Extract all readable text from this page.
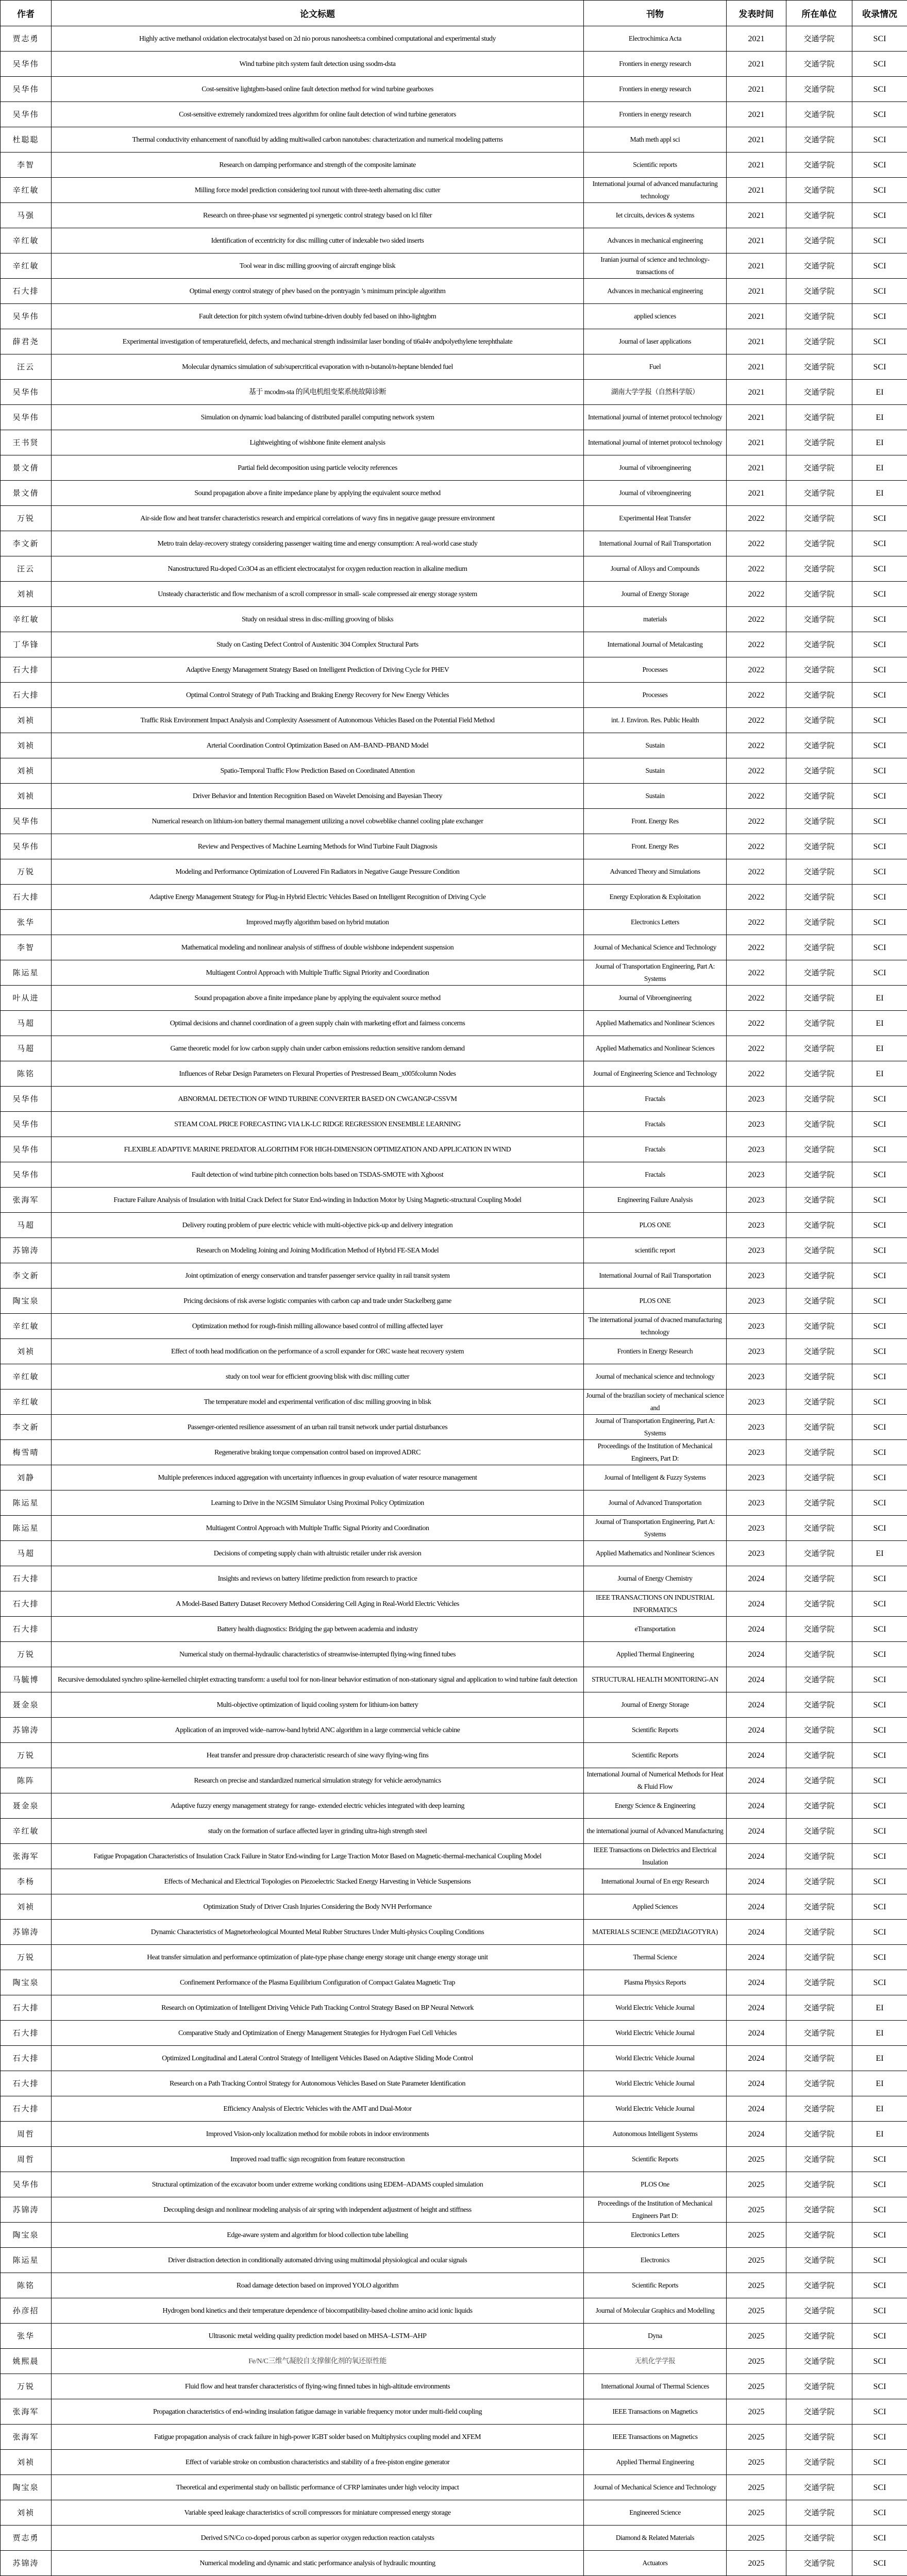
作者	论文标题	刊物	发表时间	所在单位	收录情况
贾志勇	Highly active methanol oxidation electrocatalyst based on 2d nio porous nanosheets:a combined computational and experimental study	Electrochimica Acta	2021	交通学院	SCI
吴华伟	Wind turbine pitch system fault detection using ssodm-dsta	Frontiers in energy research	2021	交通学院	SCI
吴华伟	Cost-sensitive lightgbm-based online fault detection method for wind turbine gearboxes	Frontiers in energy research	2021	交通学院	SCI
吴华伟	Cost-sensitive extremely randomized trees algorithm for online fault detection of wind turbine generators	Frontiers in energy research	2021	交通学院	SCI
杜聪聪	Thermal conductivity enhancement of nanofluid by adding multiwalled carbon nanotubes: characterization and numerical modeling patterns	Math meth appl sci	2021	交通学院	SCI
李智	Research on damping performance and strength of the composite laminate	Scientific reports	2021	交通学院	SCI
辛红敏	Milling force model prediction considering tool runout with three-teeth alternating disc cutter	International journal of advanced manufacturing technology	2021	交通学院	SCI
马强	Research on three-phase vsr segmented pi synergetic control strategy based on lcl filter	Iet circuits, devices & systems	2021	交通学院	SCI
辛红敏	Identification of eccentricity for disc milling cutter of indexable two sided inserts	Advances in mechanical engineering	2021	交通学院	SCI
辛红敏	Tool wear in disc milling grooving of aircraft enginge blisk	Iranian journal of science and technology-transactions of	2021	交通学院	SCI
石大排	Optimal energy control strategy of phev based on the pontryagin ’s minimum principle algorithm	Advances in mechanical engineering	2021	交通学院	SCI
吴华伟	Fault detection for pitch system ofwind turbine-driven doubly fed based on ihho-lightgbm	applied sciences	2021	交通学院	SCI
薛君尧	Experimental investigation of temperaturefield, defects, and mechanical strength indissimilar laser bonding of ti6al4v andpolyethylene terephthalate	Journal of laser applications	2021	交通学院	SCI
汪云	Molecular dynamics simulation of sub/supercritical evaporation with n-butanol/n-heptane blended fuel	Fuel	2021	交通学院	SCI
吴华伟	基于 mcodm-sta 的风电机组变桨系统故障诊断	湖南大学学报（自然科学版）	2021	交通学院	EI
吴华伟	Simulation on dynamic load balancing of distributed parallel computing network system	International journal of internet protocol technology	2021	交通学院	EI
王书贤	Lightweighting of wishbone finite element analysis	International journal of internet protocol technology	2021	交通学院	EI
景文倩	Partial field decomposition using particle velocity references	Journal of vibroengineering	2021	交通学院	EI
景文倩	Sound propagation above a finite impedance plane by applying the equivalent source method	Journal of vibroengineering	2021	交通学院	EI
万锐	Air-side flow and heat transfer characteristics research and empirical correlations of wavy fins in negative gauge pressure environment	Experimental Heat Transfer	2022	交通学院	SCI
李文新	Metro train delay-recovery strategy considering passenger waiting time and energy consumption: A real-world case study	International Journal of Rail Transportation	2022	交通学院	SCI
汪云	Nanostructured Ru-doped Co3O4 as an efficient electrocatalyst for oxygen reduction reaction in alkaline medium	Journal of Alloys and Compounds	2022	交通学院	SCI
刘祯	Unsteady characteristic and flow mechanism of a scroll compressor in small- scale compressed air energy storage system	Journal of Energy Storage	2022	交通学院	SCI
辛红敏	Study on residual stress in disc-milling grooving of blisks	materials	2022	交通学院	SCI
丁华锋	Study on Casting Defect Control of Austenitic 304 Complex Structural Parts	International Journal of Metalcasting	2022	交通学院	SCI
石大排	Adaptive Energy Management Strategy Based on Intelligent Prediction of Driving Cycle for PHEV	Processes	2022	交通学院	SCI
石大排	Optimal Control Strategy of Path Tracking and Braking Energy Recovery for New Energy Vehicles	Processes	2022	交通学院	SCI
刘祯	Traffic Risk Environment Impact Analysis and Complexity Assessment of Autonomous Vehicles Based on the Potential Field Method	int. J. Environ. Res. Public Health	2022	交通学院	SCI
刘祯	Arterial Coordination Control Optimization Based on AM–BAND–PBAND Model	Sustain	2022	交通学院	SCI
刘祯	Spatio-Temporal Traffic Flow Prediction Based on Coordinated Attention	Sustain	2022	交通学院	SCI
刘祯	Driver Behavior and Intention Recognition Based on Wavelet Denoising and Bayesian Theory	Sustain	2022	交通学院	SCI
吴华伟	Numerical research on lithium-ion battery thermal management utilizing a novel cobweblike channel cooling plate exchanger	Front. Energy Res	2022	交通学院	SCI
吴华伟	Review and Perspectives of Machine Learning Methods for Wind Turbine Fault Diagnosis	Front. Energy Res	2022	交通学院	SCI
万锐	Modeling and Performance Optimization of Louvered Fin Radiators in Negative Gauge Pressure Condition	Advanced Theory and Simulations	2022	交通学院	SCI
石大排	Adaptive Energy Management Strategy for Plug-in Hybrid Electric Vehicles Based on Intelligent Recognition of Driving Cycle	Energy Exploration & Exploitation	2022	交通学院	SCI
张华	Improved mayfly algorithm based on hybrid mutation	Electronics Letters	2022	交通学院	SCI
李智	Mathematical modeling and nonlinear analysis of stiffness of double wishbone independent suspension	Journal of Mechanical Science and Technology	2022	交通学院	SCI
陈运星	Multiagent Control Approach with Multiple Traffic Signal Priority and Coordination	Journal of Transportation Engineering, Part A: Systems	2022	交通学院	SCI
叶从进	Sound propagation above a finite impedance plane by applying the equivalent source method	Journal of Vibroengineering	2022	交通学院	EI
马超	Optimal decisions and channel coordination of a green supply chain with marketing effort and fairness concerns	Applied Mathematics and Nonlinear Sciences	2022	交通学院	EI
马超	Game theoretic model for low carbon supply chain under carbon emissions reduction sensitive random demand	Applied Mathematics and Nonlinear Sciences	2022	交通学院	EI
陈铭	Influences of Rebar Design Parameters on Flexural Properties of Prestressed Beam_x005fcolumn Nodes	Journal of Engineering Science and Technology	2022	交通学院	EI
吴华伟	ABNORMAL DETECTION OF WIND TURBINE CONVERTER BASED ON CWGANGP-CSSVM	Fractals	2023	交通学院	SCI
吴华伟	STEAM COAL PRICE FORECASTING VIA LK-LC RIDGE REGRESSION ENSEMBLE LEARNING	Fractals	2023	交通学院	SCI
吴华伟	FLEXIBLE ADAPTIVE MARINE PREDATOR ALGORITHM FOR HIGH-DIMENSION OPTIMIZATION AND APPLICATION IN WIND	Fractals	2023	交通学院	SCI
吴华伟	Fault detection of wind turbine pitch connection bolts based on TSDAS-SMOTE with Xgboost	Fractals	2023	交通学院	SCI
张海军	Fracture Failure Analysis of Insulation with Initial Crack Defect for Stator End-winding in Induction Motor by Using Magnetic-structural Coupling Model	Engineering Failure Analysis	2023	交通学院	SCI
马超	Delivery routing problem of pure electric vehicle with multi-objective pick-up and delivery integration	PLOS ONE	2023	交通学院	SCI
苏锦涛	Research on Modeling Joining and Joining Modification Method of Hybrid FE-SEA Model	scientific report	2023	交通学院	SCI
李文新	Joint optimization of energy conservation and transfer passenger service quality in rail transit system	International Journal of Rail Transportation	2023	交通学院	SCI
陶宝泉	Pricing decisions of risk averse logistic companies with carbon cap and trade under Stackelberg game	PLOS ONE	2023	交通学院	SCI
辛红敏	Optimization method for rough-finish milling allowance based control of milling affected layer	The international journal of dvacned manufacturing technology	2023	交通学院	SCI
刘祯	Effect of tooth head modification on the performance of a scroll expander for ORC waste heat recovery system	Frontiers in Energy Research	2023	交通学院	SCI
辛红敏	study on tool wear for efficient grooving blisk with disc milling cutter	Journal of mechanical science and technology	2023	交通学院	SCI
辛红敏	The temperature model and experimental verification of disc milling grooving in blisk	Journal of the brazilian society of mechanical science and	2023	交通学院	SCI
李文新	Passenger-oriented resilience assessment of an urban rail transit network under partial disturbances	Journal of Transportation Engineering, Part A: Systems	2023	交通学院	SCI
梅雪晴	Regenerative braking torque compensation control based on improved ADRC	Proceedings of the Institution of Mechanical Engineers, Part D:	2023	交通学院	SCI
刘静	Multiple preferences induced aggregation with uncertainty influences in group evaluation of water resource management	Journal of Intelligent & Fuzzy Systems	2023	交通学院	SCI
陈运星	Learning to Drive in the NGSIM Simulator Using Proximal Policy Optimization	Journal of Advanced Transportation	2023	交通学院	SCI
陈运星	Multiagent Control Approach with Multiple Traffic Signal Priority and Coordination	Journal of Transportation Engineering, Part A: Systems	2023	交通学院	SCI
马超	Decisions of competing supply chain with altruistic retailer under risk aversion	Applied Mathematics and Nonlinear Sciences	2023	交通学院	EI
石大排	Insights and reviews on battery lifetime prediction from research to practice	Journal of Energy Chemistry	2024	交通学院	SCI
石大排	A Model-Based Battery Dataset Recovery Method Considering Cell Aging in Real-World Electric Vehicles	IEEE TRANSACTIONS ON INDUSTRIAL INFORMATICS	2024	交通学院	SCI
石大排	Battery health diagnostics: Bridging the gap between academia and industry	eTransportation	2024	交通学院	SCI
万锐	Numerical study on thermal-hydraulic characteristics of streamwise-interrupted flying-wing finned tubes	Applied Thermal Engineering	2024	交通学院	SCI
马毓博	Recursive demodulated synchro spline-kernelled chirplet extracting transform: a useful tool for non-linear behavior estimation of non-stationary signal and application to wind turbine fault detection	STRUCTURAL HEALTH MONITORING-AN	2024	交通学院	SCI
聂金泉	Multi-objective optimization of liquid cooling system for lithium-ion battery	Journal of Energy Storage	2024	交通学院	SCI
苏锦涛	Application of an improved wide–narrow-band hybrid ANC algorithm in a large commercial vehicle cabine	Scientific Reports	2024	交通学院	SCI
万锐	Heat transfer and pressure drop characteristic research of sine wavy flying-wing fins	Scientific Reports	2024	交通学院	SCI
陈阵	Research on precise and standardized numerical simulation strategy for vehicle aerodynamics	International Journal of Numerical Methods for Heat & Fluid Flow	2024	交通学院	SCI
聂金泉	Adaptive fuzzy energy management strategy for range- extended electric vehicles integrated with deep learning	Energy Science & Engineering	2024	交通学院	SCI
辛红敏	study on the formation of surface affected layer in grinding ultra-high strength steel	the international journal of Advanced Manufacturing	2024	交通学院	SCI
张海军	Fatigue Propagation Characteristics of Insulation Crack Failure in Stator End-winding for Large Traction Motor Based on Magnetic-thermal-mechanical Coupling Model	IEEE Transactions on Dielectrics and Electrical Insulation	2024	交通学院	SCI
李杨	Effects of Mechanical and Electrical Topologies on Piezoelectric Stacked Energy Harvesting in Vehicle Suspensions	International Journal of En ergy Research	2024	交通学院	SCI
刘祯	Optimization Study of Driver Crash Injuries Considering the Body NVH Performance	Applied Sciences	2024	交通学院	SCI
苏锦涛	Dynamic Characteristics of Magnetorheological Mounted Metal Rubber Structures Under Multi-physics Coupling Conditions	MATERIALS SCIENCE (MEDŽIAGOTYRA)	2024	交通学院	SCI
万锐	Heat transfer simulation and performance optimization of plate-type phase change energy storage unit change energy storage unit	Thermal Science	2024	交通学院	SCI
陶宝泉	Confinement Performance of the Plasma Equilibrium Configuration of Compact Galatea Magnetic Trap	Plasma Physics Reports	2024	交通学院	SCI
石大排	Research on Optimization of Intelligent Driving Vehicle Path Tracking Control Strategy Based on BP Neural Network	World Electric Vehicle Journal	2024	交通学院	EI
石大排	Comparative Study and Optimization of Energy Management Strategies for Hydrogen Fuel Cell Vehicles	World Electric Vehicle Journal	2024	交通学院	EI
石大排	Optimized Longitudinal and Lateral Control Strategy of Intelligent Vehicles Based on Adaptive Sliding Mode Control	World Electric Vehicle Journal	2024	交通学院	EI
石大排	Research on a Path Tracking Control Strategy for Autonomous Vehicles Based on State Parameter Identification	World Electric Vehicle Journal	2024	交通学院	EI
石大排	Efficiency Analysis of Electric Vehicles with the AMT and Dual-Motor	World Electric Vehicle Journal	2024	交通学院	EI
周哲	Improved Vision-only localization method for mobile robots in indoor environments	Autonomous Intelligent Systems	2024	交通学院	EI
周哲	Improved road traffic sign recognition from feature reconstruction	Scientific Reports	2025	交通学院	SCI
吴华伟	Structural optimization of the excavator boom under extreme working conditions using EDEM–ADAMS coupled simulation	PLOS One	2025	交通学院	SCI
苏锦涛	Decoupling design and nonlinear modeling analysis of air spring with independent adjustment of height and stiffness	Proceedings of the Institution of Mechanical Engineers Part D:	2025	交通学院	SCI
陶宝泉	Edge-aware system and algorithm for blood collection tube labelling	Electronics Letters	2025	交通学院	SCI
陈运星	Driver distraction detection in conditionally automated driving using multimodal physiological and ocular signals	Electronics	2025	交通学院	SCI
陈铭	Road damage detection based on improved YOLO algorithm	Scientific Reports	2025	交通学院	SCI
孙彦招	Hydrogen bond kinetics and their temperature dependence of biocompatibility-based choline amino acid ionic liquids	Journal of Molecular Graphics and Modelling	2025	交通学院	SCI
张华	Ultrasonic metal welding quality prediction model based on MHSA–LSTM–AHP	Dyna	2025	交通学院	SCI
姚熙晨	Fe/N/C三维气凝胶自支撑催化剂的氧还原性能	无机化学学报	2025	交通学院	SCI
万锐	Fluid flow and heat transfer characteristics of flying-wing finned tubes in high-altitude environments	International Journal of Thermal Sciences	2025	交通学院	SCI
张海军	Propagation characteristics of end-winding insulation fatigue damage in variable frequency motor under multi-field coupling	IEEE Transactions on Magnetics	2025	交通学院	SCI
张海军	Fatigue propagation analysis of crack failure in high-power IGBT solder based on Multiphysics coupling model and XFEM	IEEE Transactions on Magnetics	2025	交通学院	SCI
刘祯	Effect of variable stroke on combustion characteristics and stability of a free-piston engine generator	Applied Thermal Engineering	2025	交通学院	SCI
陶宝泉	Theoretical and experimental study on ballistic performance of CFRP laminates under high velocity impact	Journal of Mechanical Science and Technology	2025	交通学院	SCI
刘祯	Variable speed leakage characteristics of scroll compressors for miniature compressed energy storage	Engineered Science	2025	交通学院	SCI
贾志勇	Derived S/N/Co co-doped porous carbon as superior oxygen reduction reaction catalysts	Diamond & Related Materials	2025	交通学院	SCI
苏锦涛	Numerical modeling and dynamic and static performance analysis of hydraulic mounting	Actuators	2025	交通学院	SCI
